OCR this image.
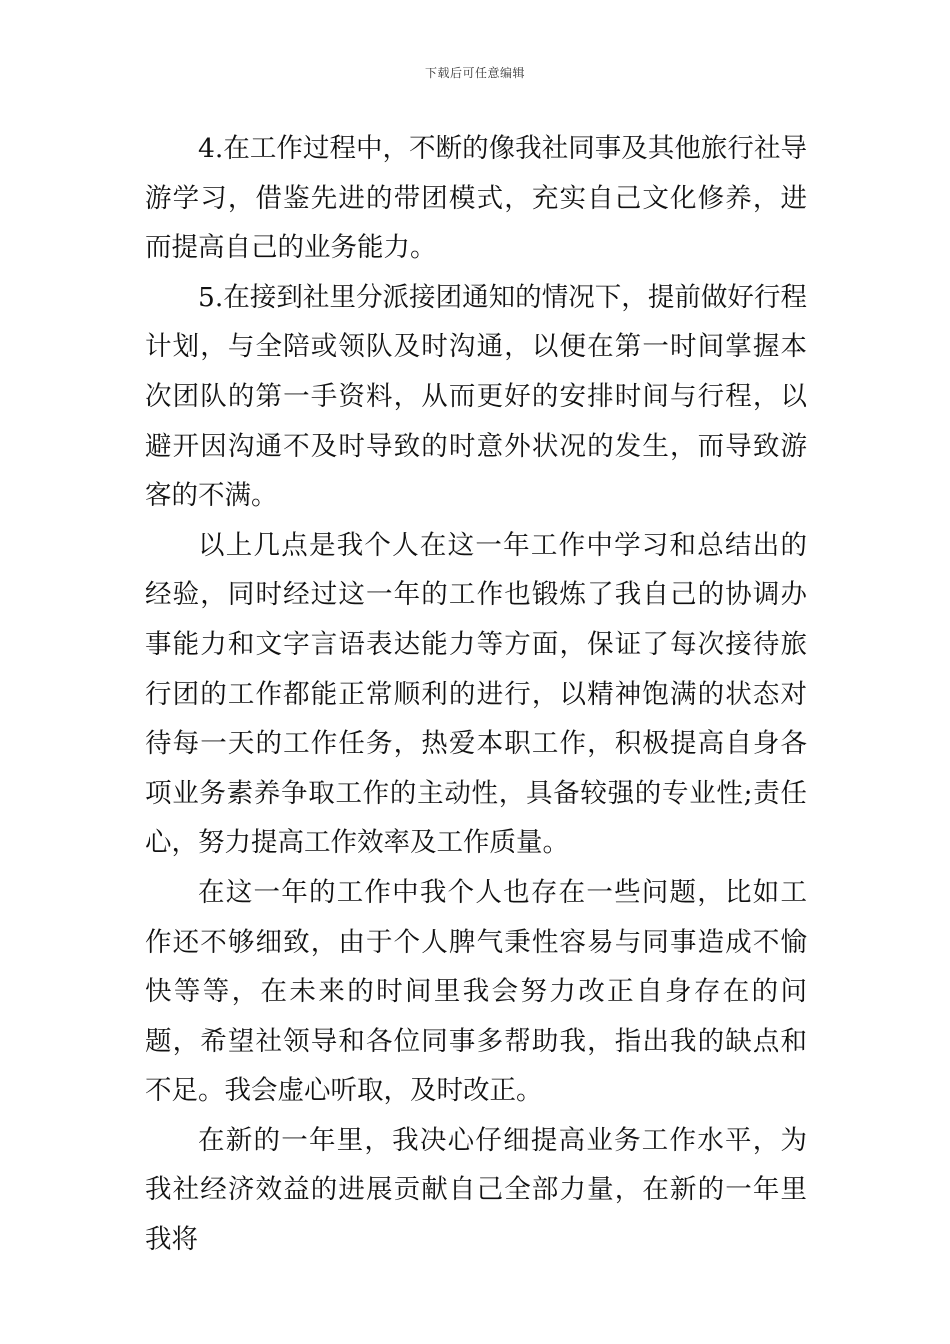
下载后可任意编辑

4.在工作过程中，不断的像我社同事及其他旅行社导游学习，借鉴先进的带团模式，充实自己文化修养，进而提高自己的业务能力。

5.在接到社里分派接团通知的情况下，提前做好行程计划，与全陪或领队及时沟通，以便在第一时间掌握本次团队的第一手资料，从而更好的安排时间与行程，以避开因沟通不及时导致的时意外状况的发生，而导致游客的不满。

以上几点是我个人在这一年工作中学习和总结出的经验，同时经过这一年的工作也锻炼了我自己的协调办事能力和文字言语表达能力等方面，保证了每次接待旅行团的工作都能正常顺利的进行，以精神饱满的状态对待每一天的工作任务，热爱本职工作，积极提高自身各项业务素养争取工作的主动性，具备较强的专业性;责任心，努力提高工作效率及工作质量。

在这一年的工作中我个人也存在一些问题，比如工作还不够细致，由于个人脾气秉性容易与同事造成不愉快等等，在未来的时间里我会努力改正自身存在的问题，希望社领导和各位同事多帮助我，指出我的缺点和不足。我会虚心听取，及时改正。

在新的一年里，我决心仔细提高业务工作水平，为我社经济效益的进展贡献自己全部力量，在新的一年里我将
